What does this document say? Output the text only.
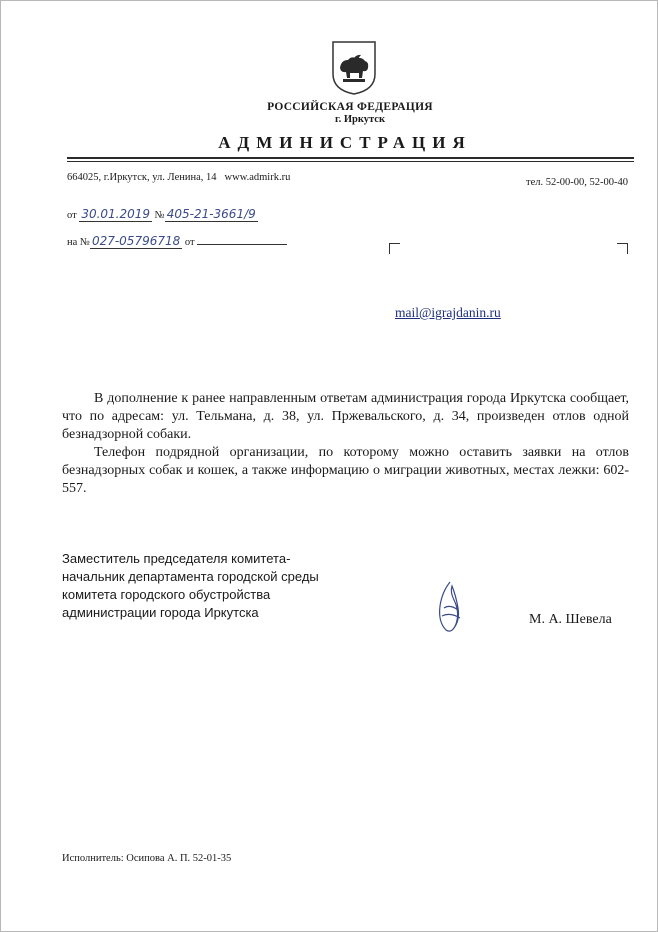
РОССИЙСКАЯ ФЕДЕРАЦИЯ
г. Иркутск
АДМИНИСТРАЦИЯ
664025, г.Иркутск, ул. Ленина, 14 www.admirk.ru	тел. 52-00-00, 52-00-40
от 30.01.2019 № 405-21-3661/9
на № 027-05796718 от
mail@igrajdanin.ru

В дополнение к ранее направленным ответам администрация города Иркутска сообщает, что по адресам: ул. Тельмана, д. 38, ул. Пржевальского, д. 34, произведен отлов одной безнадзорной собаки.

Телефон подрядной организации, по которому можно оставить заявки на отлов безнадзорных собак и кошек, а также информацию о миграции животных, местах лежки: 602-557.

Заместитель председателя комитета-
начальник департамента городской среды
комитета городского обустройства
администрации города Иркутска	М. А. Шевела
Исполнитель: Осипова А. П. 52-01-35
